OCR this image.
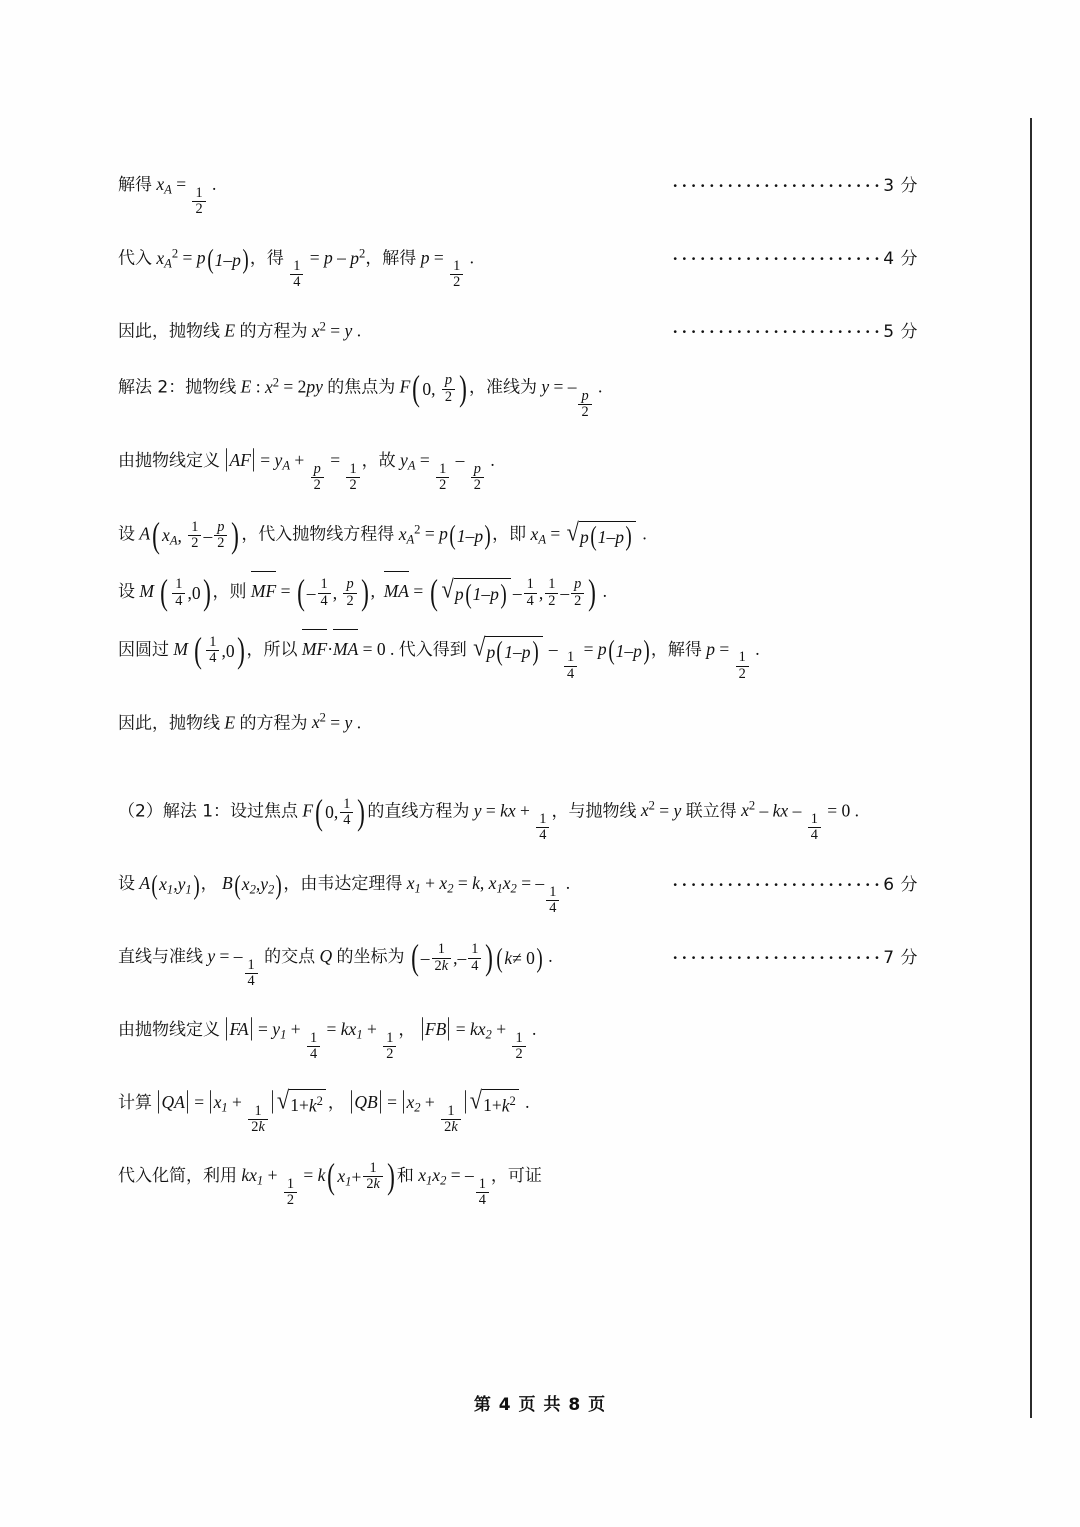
解得 $x_A$ =
$\frac{1}{2}$
.	·······················3 分
代入 $x_A^2 = p$ ( 1–p ) ，得
$\frac{1}{4}$
= p – $p^2$，解得 p =
$\frac{1}{2}$
.	·······················4 分
因此，抛物线 E 的方程为 $x^2 = y$ .	·······················5 分
解法 2：抛物线 E : $x^2 = 2py$ 的焦点为 F ( 0, $\frac{p}{2}$ ) ，准线为 y = –
$\frac{p}{2}$
.
由抛物线定义 $|AF| = y_A$ +
$\frac{p}{2}$
=
$\frac{1}{2}$
，故 $y_A$ =
$\frac{1}{2}$
–
$\frac{p}{2}$
.
设 A ( $x_A$ , $\frac{1}{2} - \frac{p}{2}$ ) ，代入抛物线方程得 $x_A^2 = p$ ( 1–p ) ，即 $x_A$ = √ p ( 1–p ) .
设 M ( $\frac{1}{4} ,0$ ) ，则 MF = ( – $\frac{1}{4}$ , $\frac{p}{2}$ ) ,  MA = ( √ p ( 1–p ) – $\frac{1}{4}$ , $\frac{1}{2} - \frac{p}{2}$ ) .
因圆过 M ( $\frac{1}{4} ,0$ ) ，所以 MF·MA = 0 . 代入得到 √ p ( 1–p ) –
$\frac{1}{4}$
= p ( 1–p ) ，解得 p =
$\frac{1}{2}$
.
因此，抛物线 E 的方程为 $x^2 = y$ .
（2）解法 1：设过焦点 F ( 0, $\frac{1}{4}$ ) 的直线方程为 y = kx +
$\frac{1}{4}$
，与抛物线 $x^2 = y$ 联立得 $x^2$ – kx –
$\frac{1}{4}$
= 0 .
设 A ( $x_1,y_1$ ) ， B ( $x_2,y_2$ ) ，由韦达定理得 $x_1 + x_2 = k$, $x_1x_2$ = –
$\frac{1}{4}$
.	·······················6 分
直线与准线 y = –
$\frac{1}{4}$
的交点 Q 的坐标为 ( – $\frac{1}{2k}$ ,– $\frac{1}{4}$ ) ( k ≠ 0 ) .	·······················7 分
由抛物线定义 $|FA| = y_1$ +
$\frac{1}{4}$
= $kx_1$ +
$\frac{1}{2}$
， $|FB| = kx_2$ +
$\frac{1}{2}$
.
计算 $|QA| = |x_1$ +
$\frac{1}{2k}$
| √ $1+ k^2$ ， $|QB| = |x_2$ +
$\frac{1}{2k}$
| √ $1+ k^2$ .
代入化简，利用 $kx_1$ +
$\frac{1}{2}$
= k ( $x_1 + \frac{1}{2k}$ ) 和 $x_1x_2$ = –
$\frac{1}{4}$
，可证
第 4 页 共 8 页
